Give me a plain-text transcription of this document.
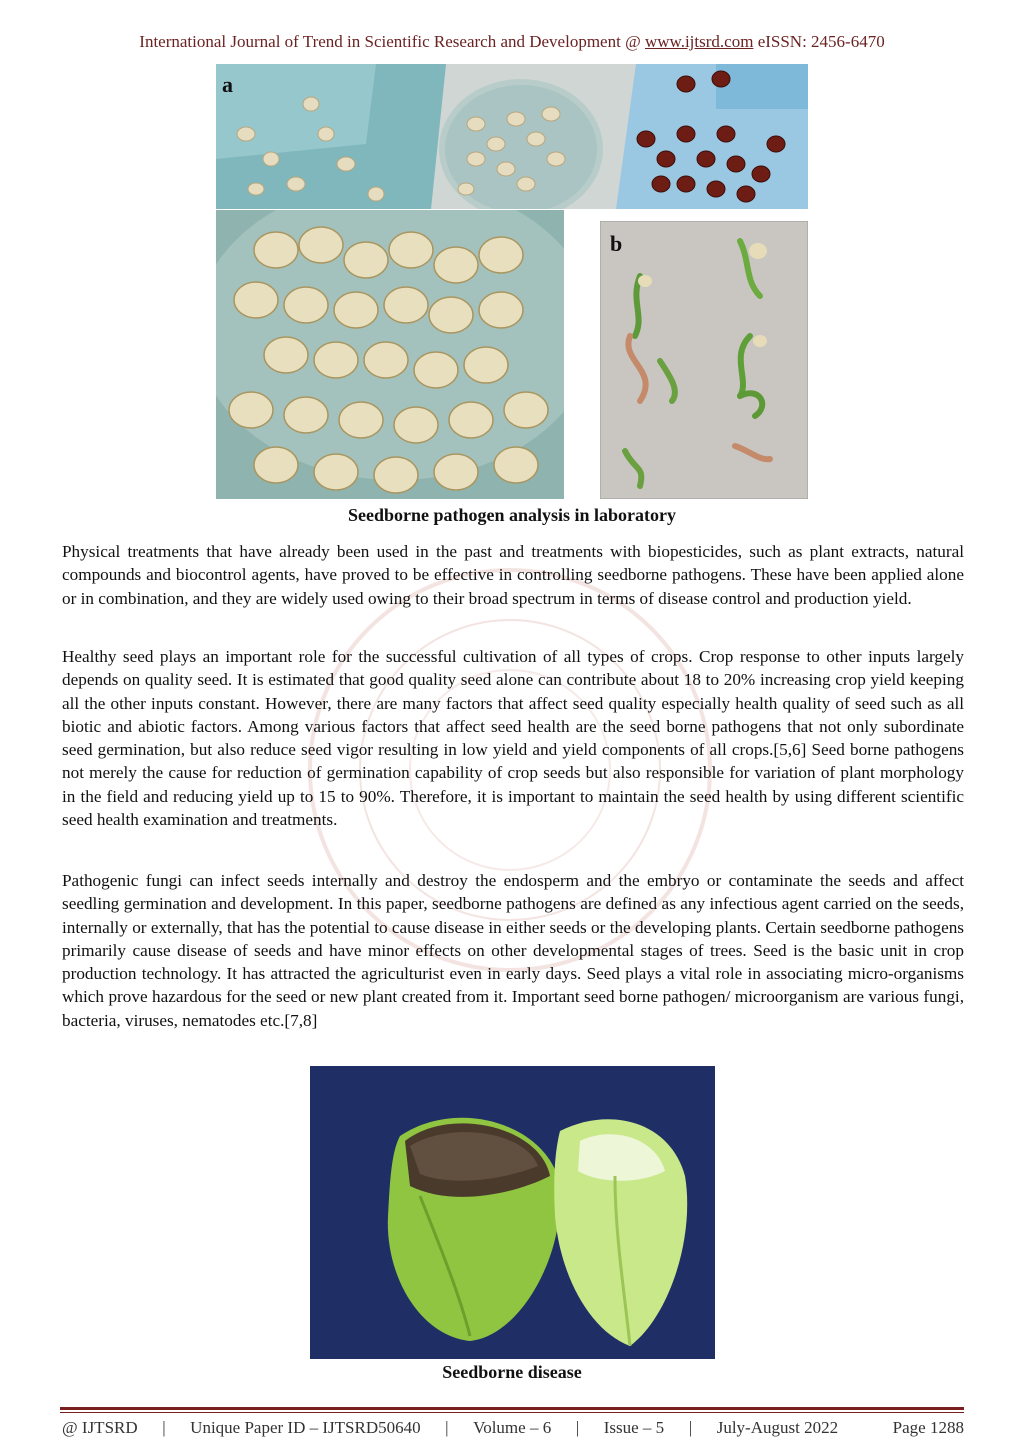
International Journal of Trend in Scientific Research and Development @ www.ijtsrd.com eISSN: 2456-6470
a
b
Seedborne pathogen analysis in laboratory

Physical treatments that have already been used in the past and treatments with biopesticides, such as plant extracts, natural compounds and biocontrol agents, have proved to be effective in controlling seedborne pathogens. These have been applied alone or in combination, and they are widely used owing to their broad spectrum in terms of disease control and production yield.

Healthy seed plays an important role for the successful cultivation of all types of crops. Crop response to other inputs largely depends on quality seed. It is estimated that good quality seed alone can contribute about 18 to 20% increasing crop yield keeping all the other inputs constant. However, there are many factors that affect seed quality especially health quality of seed such as all biotic and abiotic factors. Among various factors that affect seed health are the seed borne pathogens that not only subordinate seed germination, but also reduce seed vigor resulting in low yield and yield components of all crops.[5,6] Seed borne pathogens not merely the cause for reduction of germination capability of crop seeds but also responsible for variation of plant morphology in the field and reducing yield up to 15 to 90%. Therefore, it is important to maintain the seed health by using different scientific seed health examination and treatments.

Pathogenic fungi can infect seeds internally and destroy the endosperm and the embryo or contaminate the seeds and affect seedling germination and development. In this paper, seedborne pathogens are defined as any infectious agent carried on the seeds, internally or externally, that has the potential to cause disease in either seeds or the developing plants. Certain seedborne pathogens primarily cause disease of seeds and have minor effects on other developmental stages of trees. Seed is the basic unit in crop production technology. It has attracted the agriculturist even in early days. Seed plays a vital role in associating micro-organisms which prove hazardous for the seed or new plant created from it. Important seed borne pathogen/ microorganism are various fungi, bacteria, viruses, nematodes etc.[7,8]

Seedborne disease
@ IJTSRD | Unique Paper ID – IJTSRD50640 | Volume – 6 | Issue – 5 | July-August 2022	Page 1288
